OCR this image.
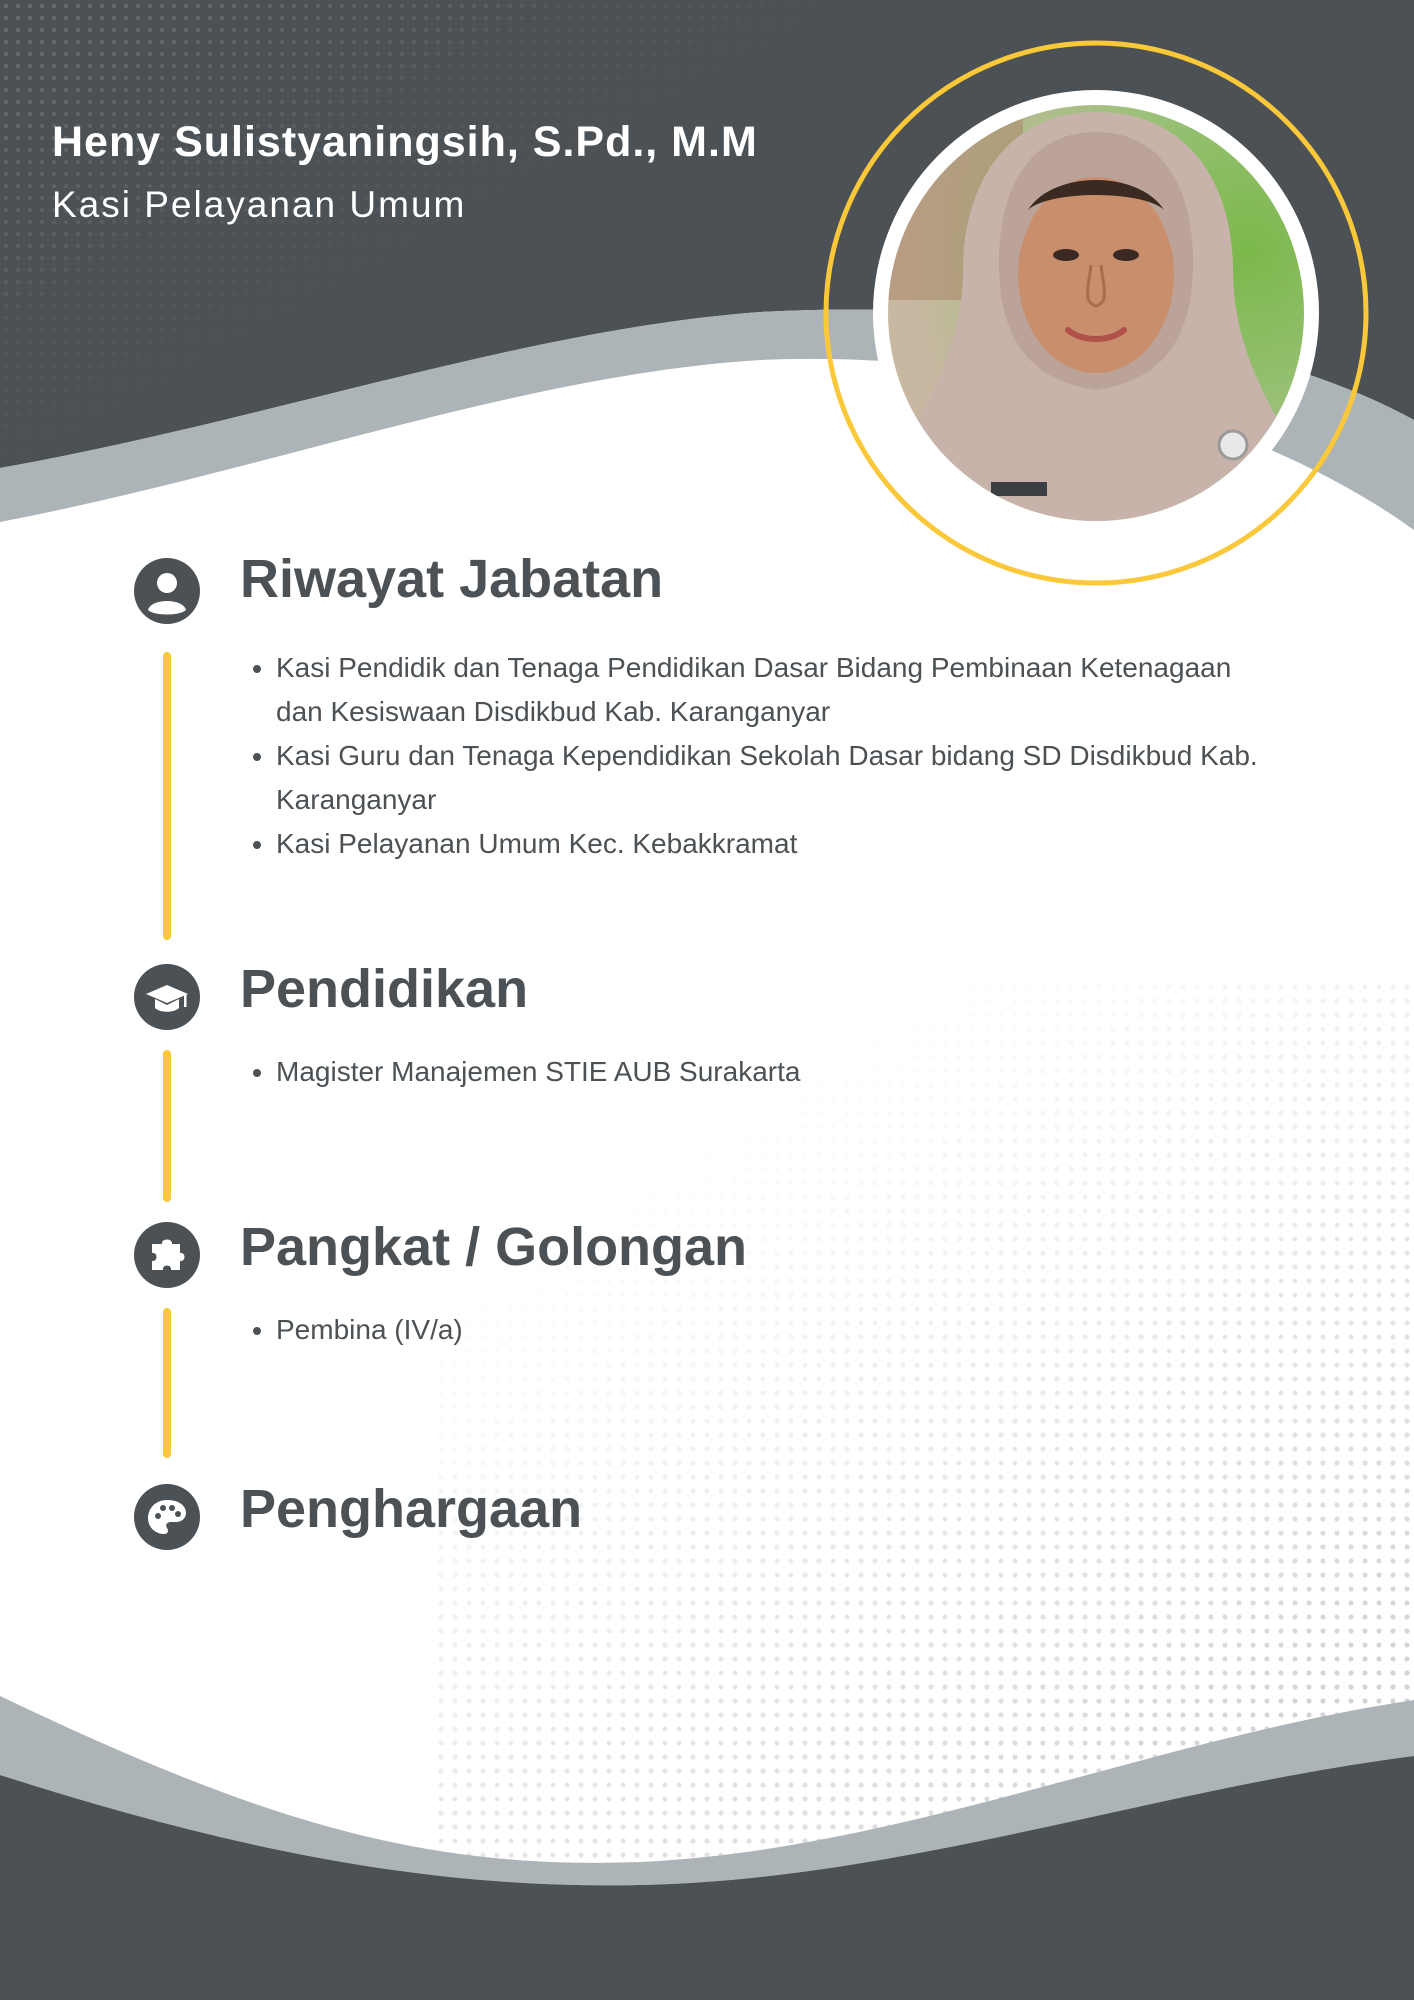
Heny Sulistyaningsih, S.Pd., M.M

Kasi Pelayanan Umum

Riwayat Jabatan
• Kasi Pendidik dan Tenaga Pendidikan Dasar Bidang Pembinaan Ketenagaan dan Kesiswaan Disdikbud Kab. Karanganyar
• Kasi Guru dan Tenaga Kependidikan Sekolah Dasar bidang SD Disdikbud Kab. Karanganyar
• Kasi Pelayanan Umum Kec. Kebakkramat
Pendidikan
• Magister Manajemen STIE AUB Surakarta
Pangkat / Golongan
• Pembina (IV/a)
Penghargaan
